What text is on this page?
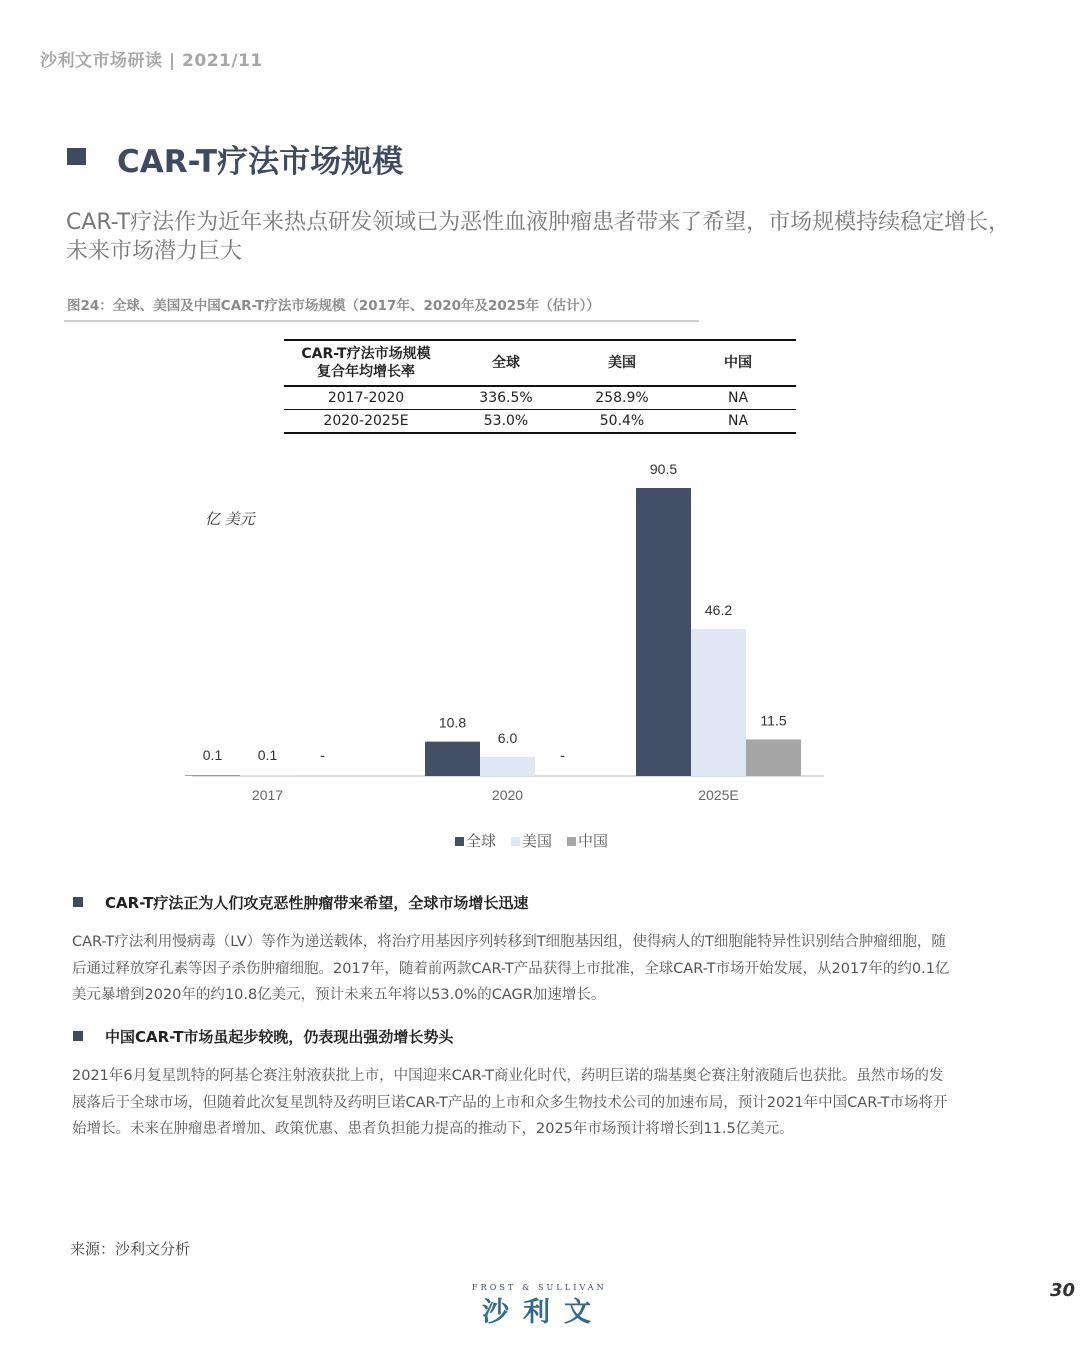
沙利文市场研读 | 2021/11
CAR-T疗法市场规模
CAR-T疗法作为近年来热点研发领域已为恶性血液肿瘤患者带来了希望，市场规模持续稳定增长，未来市场潜力巨大
图24：全球、美国及中国CAR-T疗法市场规模（2017年、2020年及2025年（估计））
CAR-T疗法市场规模
复合年均增长率	全球	美国	中国
2017-2020	336.5%	258.9%	NA
2020-2025E	53.0%	50.4%	NA
亿 美元
0.1	0.1	-
2017
10.8
6.0
-
2020
90.5
46.2
11.5
2025E
全球 美国 中国
CAR-T疗法正为人们攻克恶性肿瘤带来希望，全球市场增长迅速
CAR-T疗法利用慢病毒（LV）等作为递送载体，将治疗用基因序列转移到T细胞基因组，使得病人的T细胞能特异性识别结合肿瘤细胞，随后通过释放穿孔素等因子杀伤肿瘤细胞。2017年，随着前两款CAR-T产品获得上市批准，全球CAR-T市场开始发展，从2017年的约0.1亿美元暴增到2020年的约10.8亿美元，预计未来五年将以53.0%的CAGR加速增长。
中国CAR-T市场虽起步较晚，仍表现出强劲增长势头
2021年6月复星凯特的阿基仑赛注射液获批上市，中国迎来CAR-T商业化时代，药明巨诺的瑞基奥仑赛注射液随后也获批。虽然市场的发展落后于全球市场，但随着此次复星凯特及药明巨诺CAR-T产品的上市和众多生物技术公司的加速布局，预计2021年中国CAR-T市场将开始增长。未来在肿瘤患者增加、政策优惠、患者负担能力提高的推动下，2025年市场预计将增长到11.5亿美元。
来源：沙利文分析
FROST & SULLIVAN
沙利文
30
